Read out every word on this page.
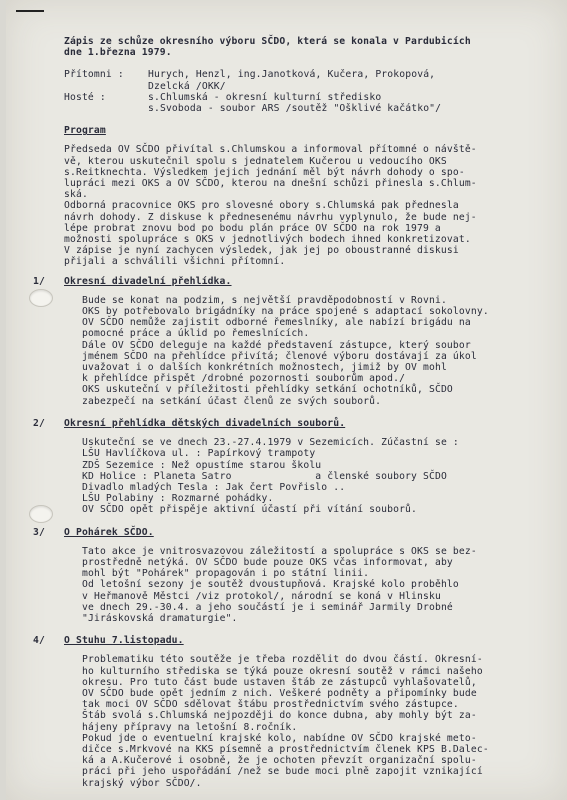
Zápis ze schůze okresního výboru SČDO, která se konala v Pardubicích
dne 1.března 1979.
Přítomni :	Hurych, Henzl, ing.Janotková, Kučera, Prokopová,
Dzelcká /OKK/
Hosté :	s.Chlumská - okresní kulturní středisko
s.Svoboda - soubor ARS /soutěž "Ošklivé kačátko"/
Program
Předseda OV SČDO přivítal s.Chlumskou a informoval přítomné o návště-
vě, kterou uskutečnil spolu s jednatelem Kučerou u vedoucího OKS
s.Reitknechta. Výsledkem jejich jednání měl být návrh dohody o spo-
lupráci mezi OKS a OV SČDO, kterou na dnešní schůzi přinesla s.Chlum-
ská.
Odborná pracovnice OKS pro slovesné obory s.Chlumská pak přednesla
návrh dohody. Z diskuse k přednesenému návrhu vyplynulo, že bude nej-
lépe probrat znovu bod po bodu plán práce OV SČDO na rok 1979 a
možnosti spolupráce s OKS v jednotlivých bodech ihned konkretizovat.
V zápise je nyní zachycen výsledek, jak jej po oboustranné diskusi
přijali a schválili všichni přítomní.
1/ Okresní divadelní přehlídka.
Bude se konat na podzim, s největší pravděpodobností v Rovni.
OKS by potřebovalo brigádníky na práce spojené s adaptací sokolovny.
OV SČDO nemůže zajistit odborné řemeslníky, ale nabízí brigádu na
pomocné práce a úklid po řemeslnících.
Dále OV SČDO deleguje na každé představení zástupce, který soubor
jménem SČDO na přehlídce přivítá; členové výboru dostávají za úkol
uvažovat i o dalších konkrétních možnostech, jimiž by OV mohl
k přehlídce přispět /drobné pozornosti souborům apod./
OKS uskuteční v příležitosti přehlídky setkání ochotníků, SČDO
zabezpečí na setkání účast členů ze svých souborů.
2/ Okresní přehlídka dětských divadelních souborů.
Uskuteční se ve dnech 23.-27.4.1979 v Sezemicích. Zúčastní se :
LŠU Havlíčkova ul. : Papírkový trampoty
ZDŠ Sezemice : Než opustíme starou školu
KD Holice : Planeta Satro              a členské soubory SČDO
Divadlo mladých Tesla : Jak čert Povřislo ..
LŠU Polabiny : Rozmarné pohádky.
OV SČDO opět přispěje aktivní účastí při vítání souborů.
3/ O Pohárek SČDO.
Tato akce je vnitrosvazovou záležitostí a spolupráce s OKS se bez-
prostředně netýká. OV SČDO bude pouze OKS včas informovat, aby
mohl být "Pohárek" propagován i po státní linii.
Od letošní sezony je soutěž dvoustupňová. Krajské kolo proběhlo
v Heřmanově Městci /viz protokol/, národní se koná v Hlinsku
ve dnech 29.-30.4. a jeho součástí je i seminář Jarmily Drobné
"Jiráskovská dramaturgie".
4/ O Stuhu 7.listopadu.
Problematiku této soutěže je třeba rozdělit do dvou částí. Okresní-
ho kulturního střediska se týká pouze okresní soutěž v rámci našeho
okresu. Pro tuto část bude ustaven štáb ze zástupců vyhlašovatelů,
OV SČDO bude opět jedním z nich. Veškeré podněty a připomínky bude
tak moci OV SČDO sdělovat štábu prostřednictvím svého zástupce.
Štáb svolá s.Chlumská nejpozději do konce dubna, aby mohly být za-
hájeny přípravy na letošní 8.ročník.
Pokud jde o eventuelní krajské kolo, nabídne OV SČDO krajské meto-
dičce s.Mrkvové na KKS písemně a prostřednictvím členek KPS B.Dalec-
ká a A.Kučerové i osobně, že je ochoten převzít organizační spolu-
práci při jeho uspořádání /než se bude moci plně zapojit vznikající
krajský výbor SČDO/.
